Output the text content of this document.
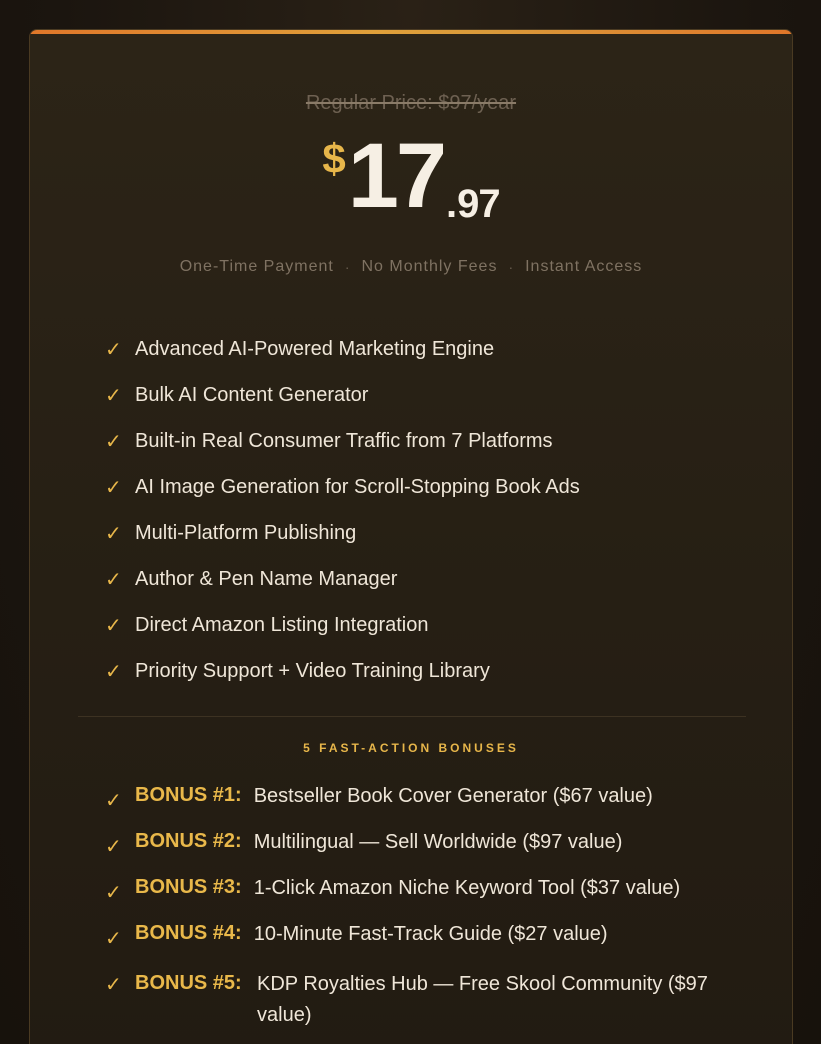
Regular Price: $97/year
$ 17 . 97
One-Time Payment · No Monthly Fees · Instant Access
✓ Advanced AI-Powered Marketing Engine
✓ Bulk AI Content Generator
✓ Built-in Real Consumer Traffic from 7 Platforms
✓ AI Image Generation for Scroll-Stopping Book Ads
✓ Multi-Platform Publishing
✓ Author & Pen Name Manager
✓ Direct Amazon Listing Integration
✓ Priority Support + Video Training Library
5 FAST-ACTION BONUSES
✓ BONUS #1: Bestseller Book Cover Generator ($67 value)
✓ BONUS #2: Multilingual — Sell Worldwide ($97 value)
✓ BONUS #3: 1-Click Amazon Niche Keyword Tool ($37 value)
✓ BONUS #4: 10-Minute Fast-Track Guide ($27 value)
✓ BONUS #5: KDP Royalties Hub — Free Skool Community ($97 value)
